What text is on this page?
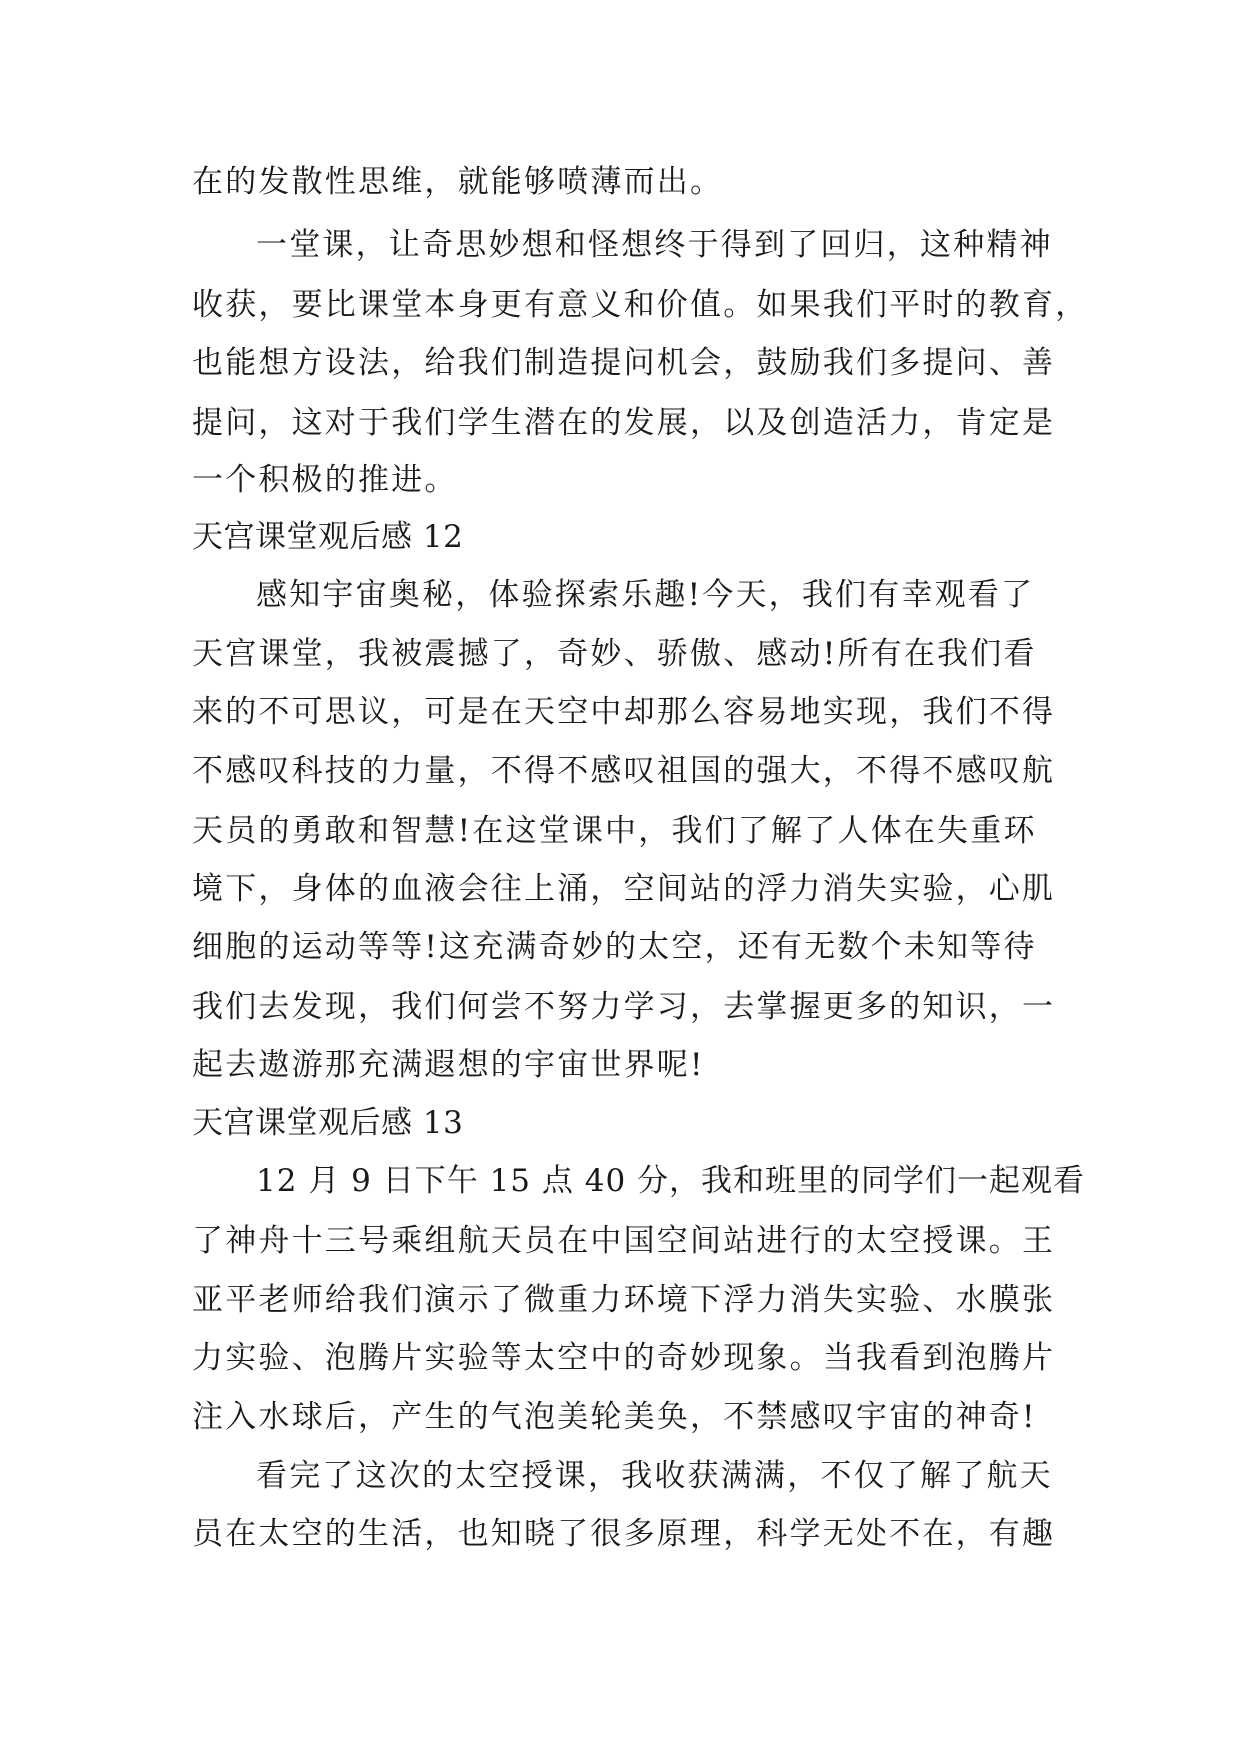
在的发散性思维，就能够喷薄而出。
一堂课，让奇思妙想和怪想终于得到了回归，这种精神
收获，要比课堂本身更有意义和价值。如果我们平时的教育，
也能想方设法，给我们制造提问机会，鼓励我们多提问、善
提问，这对于我们学生潜在的发展，以及创造活力，肯定是
一个积极的推进。
天宫课堂观后感 12
感知宇宙奥秘，体验探索乐趣!今天，我们有幸观看了
天宫课堂，我被震撼了，奇妙、骄傲、感动!所有在我们看
来的不可思议，可是在天空中却那么容易地实现，我们不得
不感叹科技的力量，不得不感叹祖国的强大，不得不感叹航
天员的勇敢和智慧!在这堂课中，我们了解了人体在失重环
境下，身体的血液会往上涌，空间站的浮力消失实验，心肌
细胞的运动等等!这充满奇妙的太空，还有无数个未知等待
我们去发现，我们何尝不努力学习，去掌握更多的知识，一
起去遨游那充满遐想的宇宙世界呢!
天宫课堂观后感 13
12 月 9 日下午 15 点 40 分，我和班里的同学们一起观看
了神舟十三号乘组航天员在中国空间站进行的太空授课。王
亚平老师给我们演示了微重力环境下浮力消失实验、水膜张
力实验、泡腾片实验等太空中的奇妙现象。当我看到泡腾片
注入水球后，产生的气泡美轮美奂，不禁感叹宇宙的神奇!
看完了这次的太空授课，我收获满满，不仅了解了航天
员在太空的生活，也知晓了很多原理，科学无处不在，有趣
